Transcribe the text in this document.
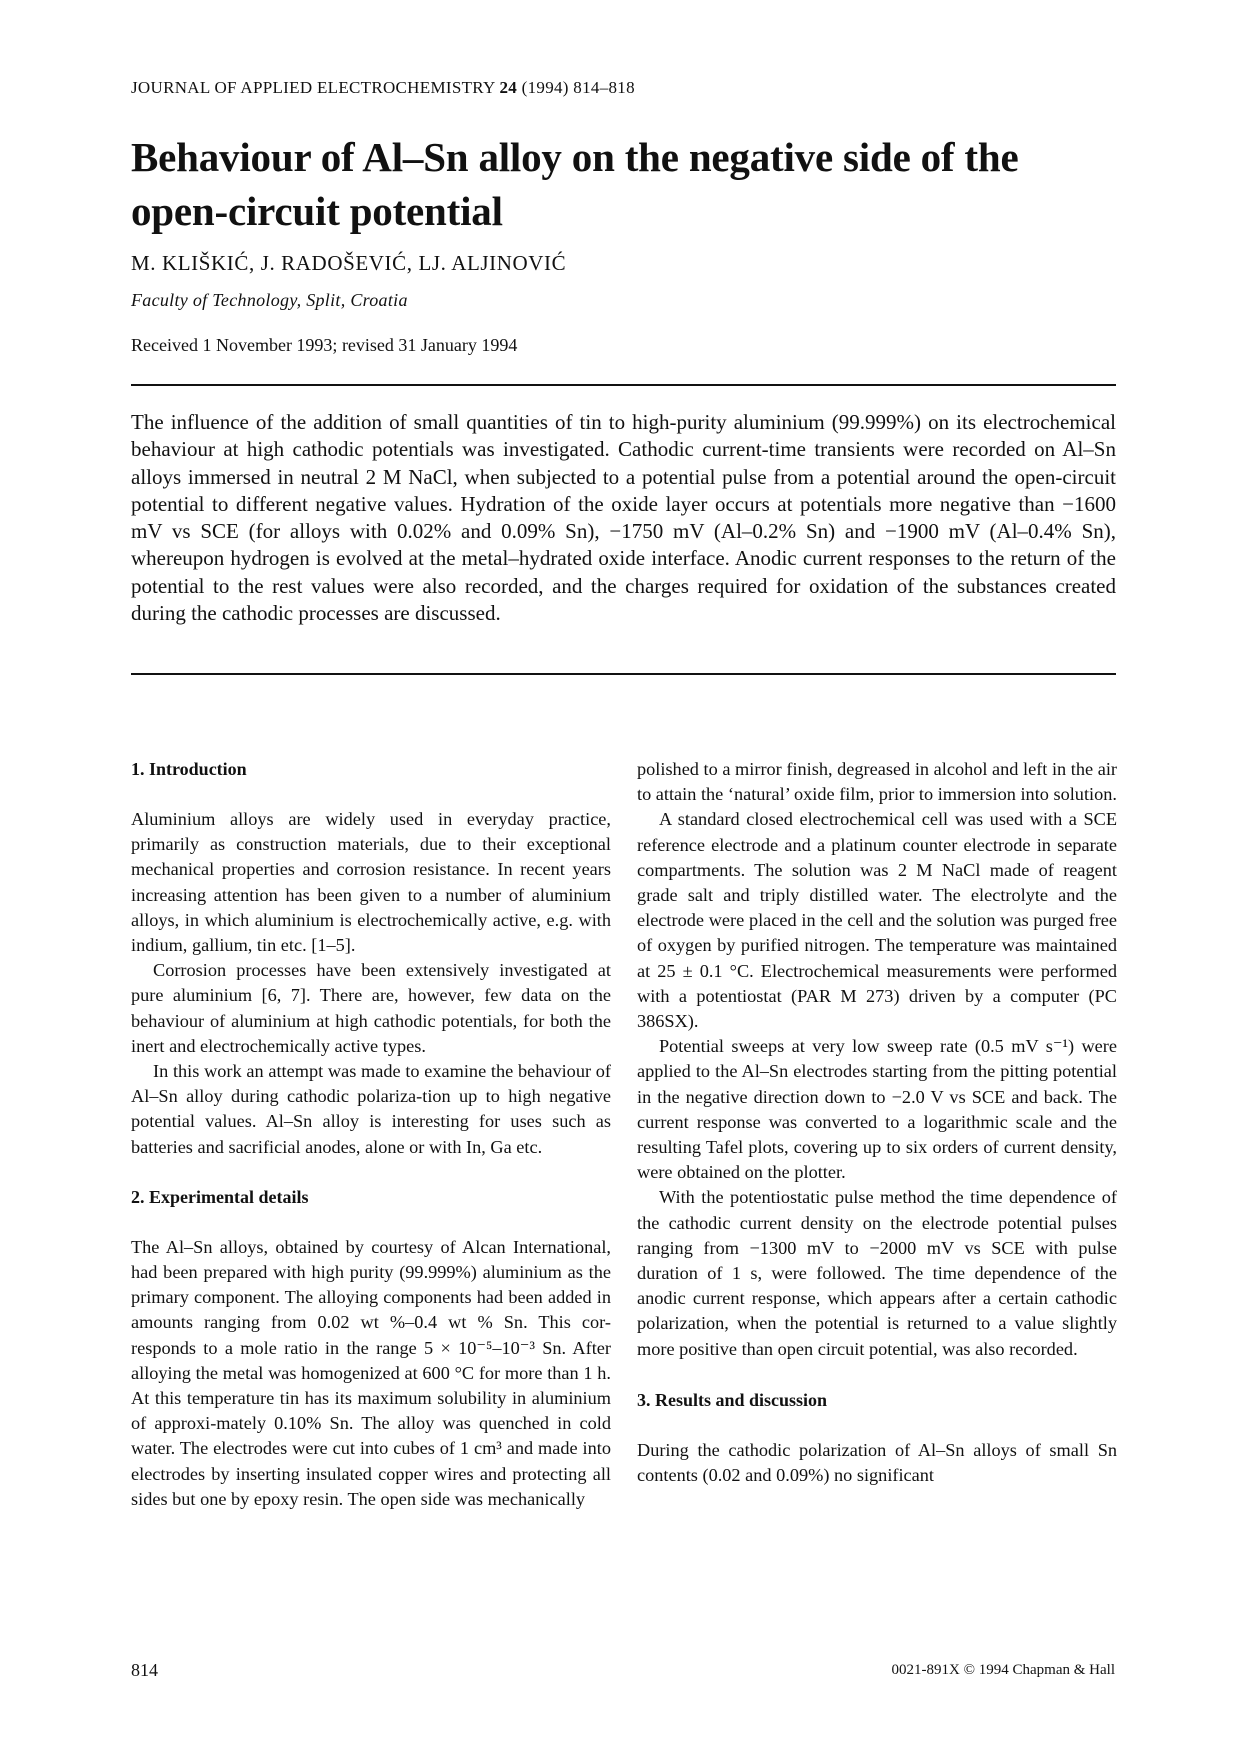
JOURNAL OF APPLIED ELECTROCHEMISTRY 24 (1994) 814–818
Behaviour of Al–Sn alloy on the negative side of the
open-circuit potential
M. KLIŠKIĆ, J. RADOŠEVIĆ, LJ. ALJINOVIĆ
Faculty of Technology, Split, Croatia
Received 1 November 1993; revised 31 January 1994

The influence of the addition of small quantities of tin to high-purity aluminium (99.999%) on its electrochemical behaviour at high cathodic potentials was investigated. Cathodic current-time transients were recorded on Al–Sn alloys immersed in neutral 2 M NaCl, when subjected to a potential pulse from a potential around the open-circuit potential to different negative values. Hydration of the oxide layer occurs at potentials more negative than −1600 mV vs SCE (for alloys with 0.02% and 0.09% Sn), −1750 mV (Al–0.2% Sn) and −1900 mV (Al–0.4% Sn), whereupon hydrogen is evolved at the metal–hydrated oxide interface. Anodic current responses to the return of the potential to the rest values were also recorded, and the charges required for oxidation of the substances created during the cathodic processes are discussed.

1. Introduction

Aluminium alloys are widely used in everyday practice, primarily as construction materials, due to their exceptional mechanical properties and corrosion resistance. In recent years increasing attention has been given to a number of aluminium alloys, in which aluminium is electrochemically active, e.g. with indium, gallium, tin etc. [1–5].

Corrosion processes have been extensively investigated at pure aluminium [6, 7]. There are, however, few data on the behaviour of aluminium at high cathodic potentials, for both the inert and electrochemically active types.

In this work an attempt was made to examine the behaviour of Al–Sn alloy during cathodic polariza-tion up to high negative potential values. Al–Sn alloy is interesting for uses such as batteries and sacrificial anodes, alone or with In, Ga etc.

2. Experimental details

The Al–Sn alloys, obtained by courtesy of Alcan International, had been prepared with high purity (99.999%) aluminium as the primary component. The alloying components had been added in amounts ranging from 0.02 wt %–0.4 wt % Sn. This cor-responds to a mole ratio in the range 5 × 10⁻⁵–10⁻³ Sn. After alloying the metal was homogenized at 600 °C for more than 1 h. At this temperature tin has its maximum solubility in aluminium of approxi-mately 0.10% Sn. The alloy was quenched in cold water. The electrodes were cut into cubes of 1 cm³ and made into electrodes by inserting insulated copper wires and protecting all sides but one by epoxy resin. The open side was mechanically

polished to a mirror finish, degreased in alcohol and left in the air to attain the ‘natural’ oxide film, prior to immersion into solution.

A standard closed electrochemical cell was used with a SCE reference electrode and a platinum counter electrode in separate compartments. The solution was 2 M NaCl made of reagent grade salt and triply distilled water. The electrolyte and the electrode were placed in the cell and the solution was purged free of oxygen by purified nitrogen. The temperature was maintained at 25 ± 0.1 °C. Electrochemical measurements were performed with a potentiostat (PAR M 273) driven by a computer (PC 386SX).

Potential sweeps at very low sweep rate (0.5 mV s⁻¹) were applied to the Al–Sn electrodes starting from the pitting potential in the negative direction down to −2.0 V vs SCE and back. The current response was converted to a logarithmic scale and the resulting Tafel plots, covering up to six orders of current density, were obtained on the plotter.

With the potentiostatic pulse method the time dependence of the cathodic current density on the electrode potential pulses ranging from −1300 mV to −2000 mV vs SCE with pulse duration of 1 s, were followed. The time dependence of the anodic current response, which appears after a certain cathodic polarization, when the potential is returned to a value slightly more positive than open circuit potential, was also recorded.

3. Results and discussion

During the cathodic polarization of Al–Sn alloys of small Sn contents (0.02 and 0.09%) no significant

814	0021-891X © 1994 Chapman & Hall
